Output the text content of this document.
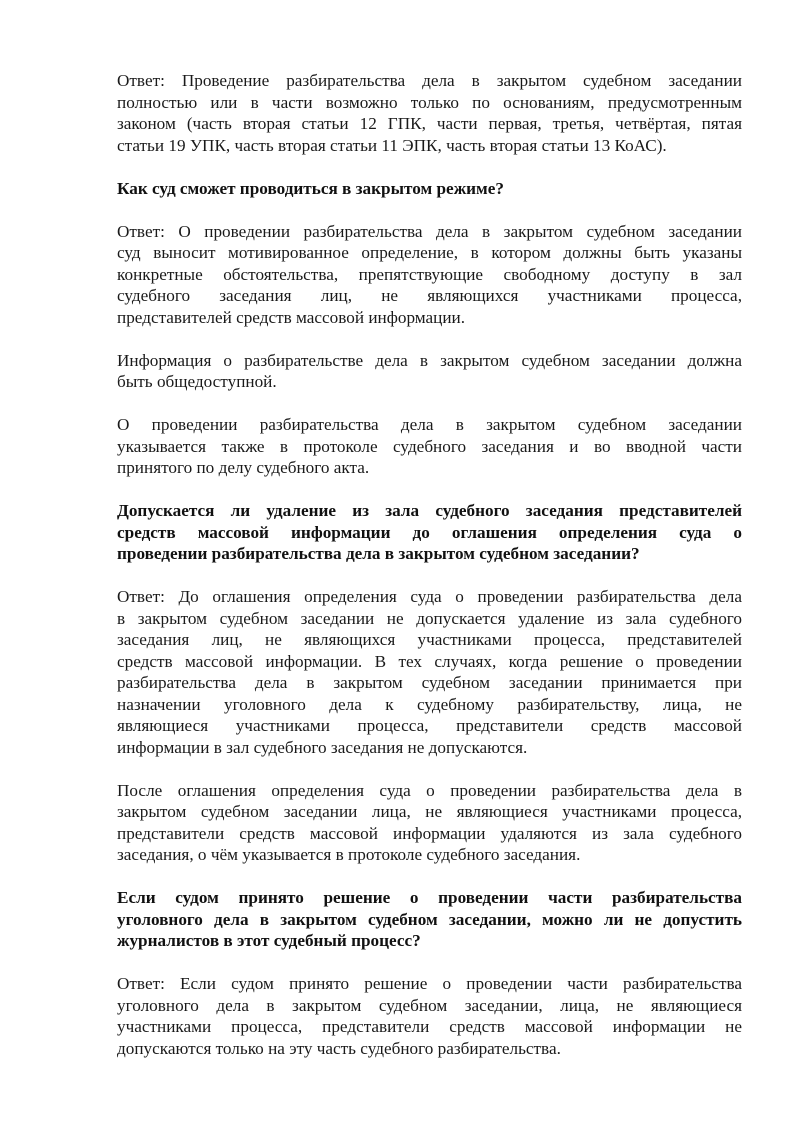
Ответ: Проведение разбирательства дела в закрытом судебном заседании
полностью или в части возможно только по основаниям, предусмотренным
законом (часть вторая статьи 12 ГПК, части первая, третья, четвёртая, пятая
статьи 19 УПК, часть вторая статьи 11 ЭПК, часть вторая статьи 13 КоАС).

Как суд сможет проводиться в закрытом режиме?

Ответ: О проведении разбирательства дела в закрытом судебном заседании
суд выносит мотивированное определение, в котором должны быть указаны
конкретные обстоятельства, препятствующие свободному доступу в зал
судебного заседания лиц, не являющихся участниками процесса,
представителей средств массовой информации.

Информация о разбирательстве дела в закрытом судебном заседании должна
быть общедоступной.

О проведении разбирательства дела в закрытом судебном заседании
указывается также в протоколе судебного заседания и во вводной части
принятого по делу судебного акта.

Допускается ли удаление из зала судебного заседания представителей
средств массовой информации до оглашения определения суда о
проведении разбирательства дела в закрытом судебном заседании?

Ответ: До оглашения определения суда о проведении разбирательства дела
в закрытом судебном заседании не допускается удаление из зала судебного
заседания лиц, не являющихся участниками процесса, представителей
средств массовой информации. В тех случаях, когда решение о проведении
разбирательства дела в закрытом судебном заседании принимается при
назначении уголовного дела к судебному разбирательству, лица, не
являющиеся участниками процесса, представители средств массовой
информации в зал судебного заседания не допускаются.

После оглашения определения суда о проведении разбирательства дела в
закрытом судебном заседании лица, не являющиеся участниками процесса,
представители средств массовой информации удаляются из зала судебного
заседания, о чём указывается в протоколе судебного заседания.

Если судом принято решение о проведении части разбирательства
уголовного дела в закрытом судебном заседании, можно ли не допустить
журналистов в этот судебный процесс?

Ответ: Если судом принято решение о проведении части разбирательства
уголовного дела в закрытом судебном заседании, лица, не являющиеся
участниками процесса, представители средств массовой информации не
допускаются только на эту часть судебного разбирательства.
